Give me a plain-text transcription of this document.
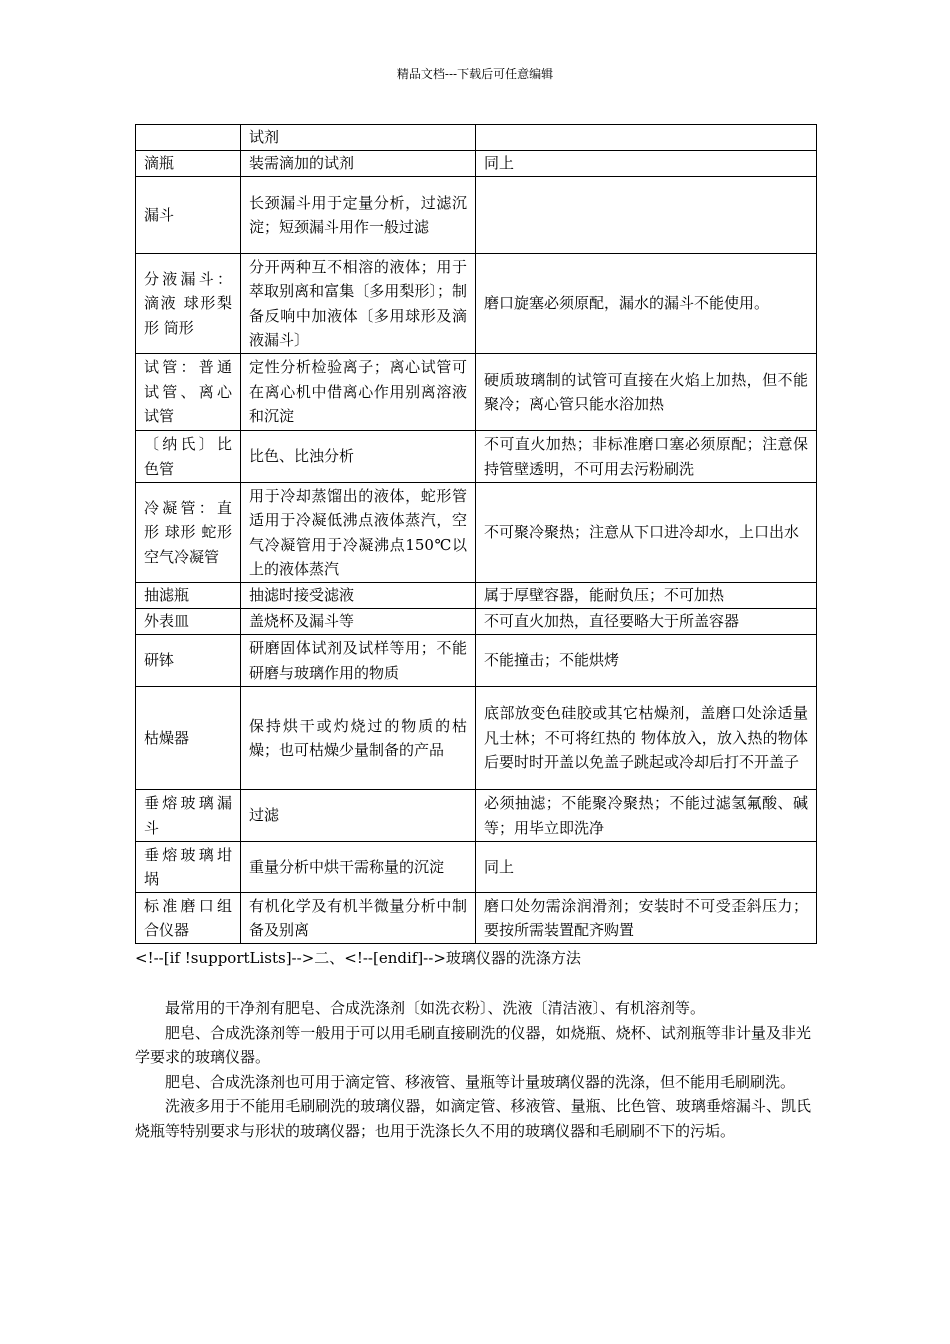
精品文档---下载后可任意编辑
	试剂	
滴瓶	装需滴加的试剂	同上
漏斗	长颈漏斗用于定量分析，过滤沉淀；短颈漏斗用作一般过滤	
分液漏斗：滴液 球形梨形 筒形	分开两种互不相溶的液体；用于萃取别离和富集〔多用梨形〕；制备反响中加液体〔多用球形及滴液漏斗〕	磨口旋塞必须原配，漏水的漏斗不能使用。
试管：普通试管、离心试管	定性分析检验离子；离心试管可在离心机中借离心作用别离溶液和沉淀	硬质玻璃制的试管可直接在火焰上加热，但不能聚冷；离心管只能水浴加热
〔纳氏〕比色管	比色、比浊分析	不可直火加热；非标准磨口塞必须原配；注意保持管壁透明，不可用去污粉刷洗
冷凝管：直形 球形 蛇形 空气冷凝管	用于冷却蒸馏出的液体，蛇形管适用于冷凝低沸点液体蒸汽，空气冷凝管用于冷凝沸点150℃以上的液体蒸汽	不可聚冷聚热；注意从下口进冷却水，上口出水
抽滤瓶	抽滤时接受滤液	属于厚壁容器，能耐负压；不可加热
外表皿	盖烧杯及漏斗等	不可直火加热，直径要略大于所盖容器
研钵	研磨固体试剂及试样等用；不能研磨与玻璃作用的物质	不能撞击；不能烘烤
枯燥器	保持烘干或灼烧过的物质的枯燥；也可枯燥少量制备的产品	底部放变色硅胶或其它枯燥剂，盖磨口处涂适量凡士林；不可将红热的 物体放入，放入热的物体后要时时开盖以免盖子跳起或冷却后打不开盖子
垂熔玻璃漏斗	过滤	必须抽滤；不能聚冷聚热；不能过滤氢氟酸、碱等；用毕立即洗净
垂熔玻璃坩埚	重量分析中烘干需称量的沉淀	同上
标准磨口组合仪器	有机化学及有机半微量分析中制备及别离	磨口处勿需涂润滑剂；安装时不可受歪斜压力；要按所需装置配齐购置
<!--[if !supportLists]-->二、<!--[endif]-->玻璃仪器的洗涤方法

最常用的干净剂有肥皂、合成洗涤剂〔如洗衣粉〕、洗液〔清洁液〕、有机溶剂等。

肥皂、合成洗涤剂等一般用于可以用毛刷直接刷洗的仪器，如烧瓶、烧杯、试剂瓶等非计量及非光学要求的玻璃仪器。

肥皂、合成洗涤剂也可用于滴定管、移液管、量瓶等计量玻璃仪器的洗涤，但不能用毛刷刷洗。

洗液多用于不能用毛刷刷洗的玻璃仪器，如滴定管、移液管、量瓶、比色管、玻璃垂熔漏斗、凯氏烧瓶等特别要求与形状的玻璃仪器；也用于洗涤长久不用的玻璃仪器和毛刷刷不下的污垢。
